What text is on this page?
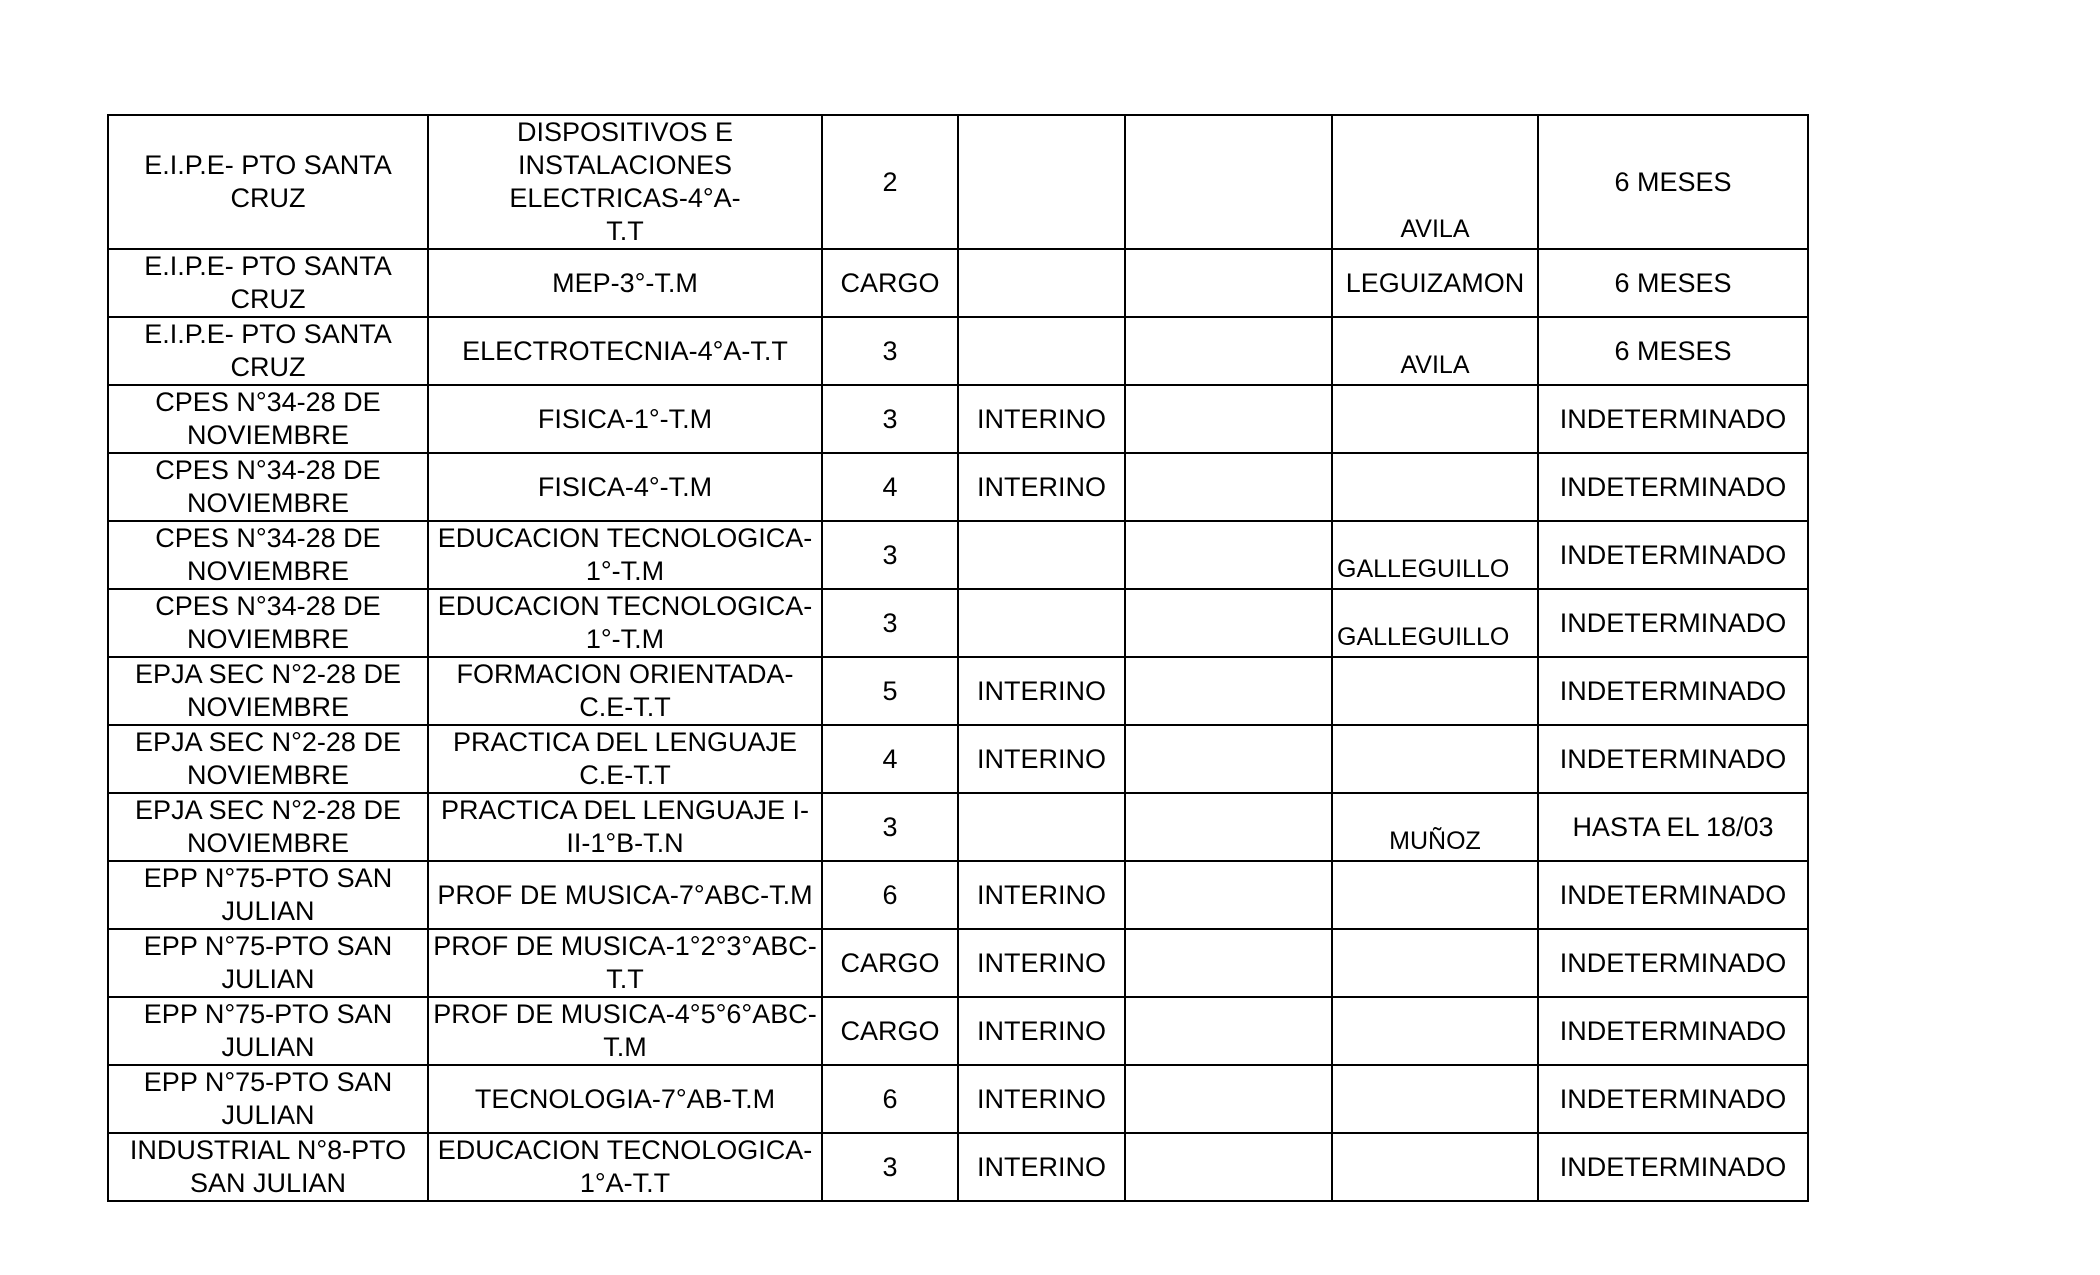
E.I.P.E- PTO SANTA CRUZ	DISPOSITIVOS E INSTALACIONES ELECTRICAS-4°A-T.T	2			AVILA	6 MESES

E.I.P.E- PTO SANTA CRUZ	MEP-3°-T.M	CARGO			LEGUIZAMON	6 MESES

E.I.P.E- PTO SANTA CRUZ	ELECTROTECNIA-4°A-T.T	3			AVILA	6 MESES

CPES N°34-28 DE NOVIEMBRE	FISICA-1°-T.M	3	INTERINO			INDETERMINADO

CPES N°34-28 DE NOVIEMBRE	FISICA-4°-T.M	4	INTERINO			INDETERMINADO

CPES N°34-28 DE NOVIEMBRE	EDUCACION TECNOLOGICA-1°-T.M	3			GALLEGUILLO	INDETERMINADO

CPES N°34-28 DE NOVIEMBRE	EDUCACION TECNOLOGICA-1°-T.M	3			GALLEGUILLO	INDETERMINADO

EPJA SEC N°2-28 DE NOVIEMBRE	FORMACION ORIENTADA-C.E-T.T	5	INTERINO			INDETERMINADO

EPJA SEC N°2-28 DE NOVIEMBRE	PRACTICA DEL LENGUAJE C.E-T.T	4	INTERINO			INDETERMINADO

EPJA SEC N°2-28 DE NOVIEMBRE	PRACTICA DEL LENGUAJE I-II-1°B-T.N	3			MUÑOZ	HASTA EL 18/03

EPP N°75-PTO SAN JULIAN	PROF DE MUSICA-7°ABC-T.M	6	INTERINO			INDETERMINADO

EPP N°75-PTO SAN JULIAN	PROF DE MUSICA-1°2°3°ABC-T.T	CARGO	INTERINO			INDETERMINADO

EPP N°75-PTO SAN JULIAN	PROF DE MUSICA-4°5°6°ABC-T.M	CARGO	INTERINO			INDETERMINADO

EPP N°75-PTO SAN JULIAN	TECNOLOGIA-7°AB-T.M	6	INTERINO			INDETERMINADO

INDUSTRIAL N°8-PTO SAN JULIAN	EDUCACION TECNOLOGICA-1°A-T.T	3	INTERINO			INDETERMINADO
